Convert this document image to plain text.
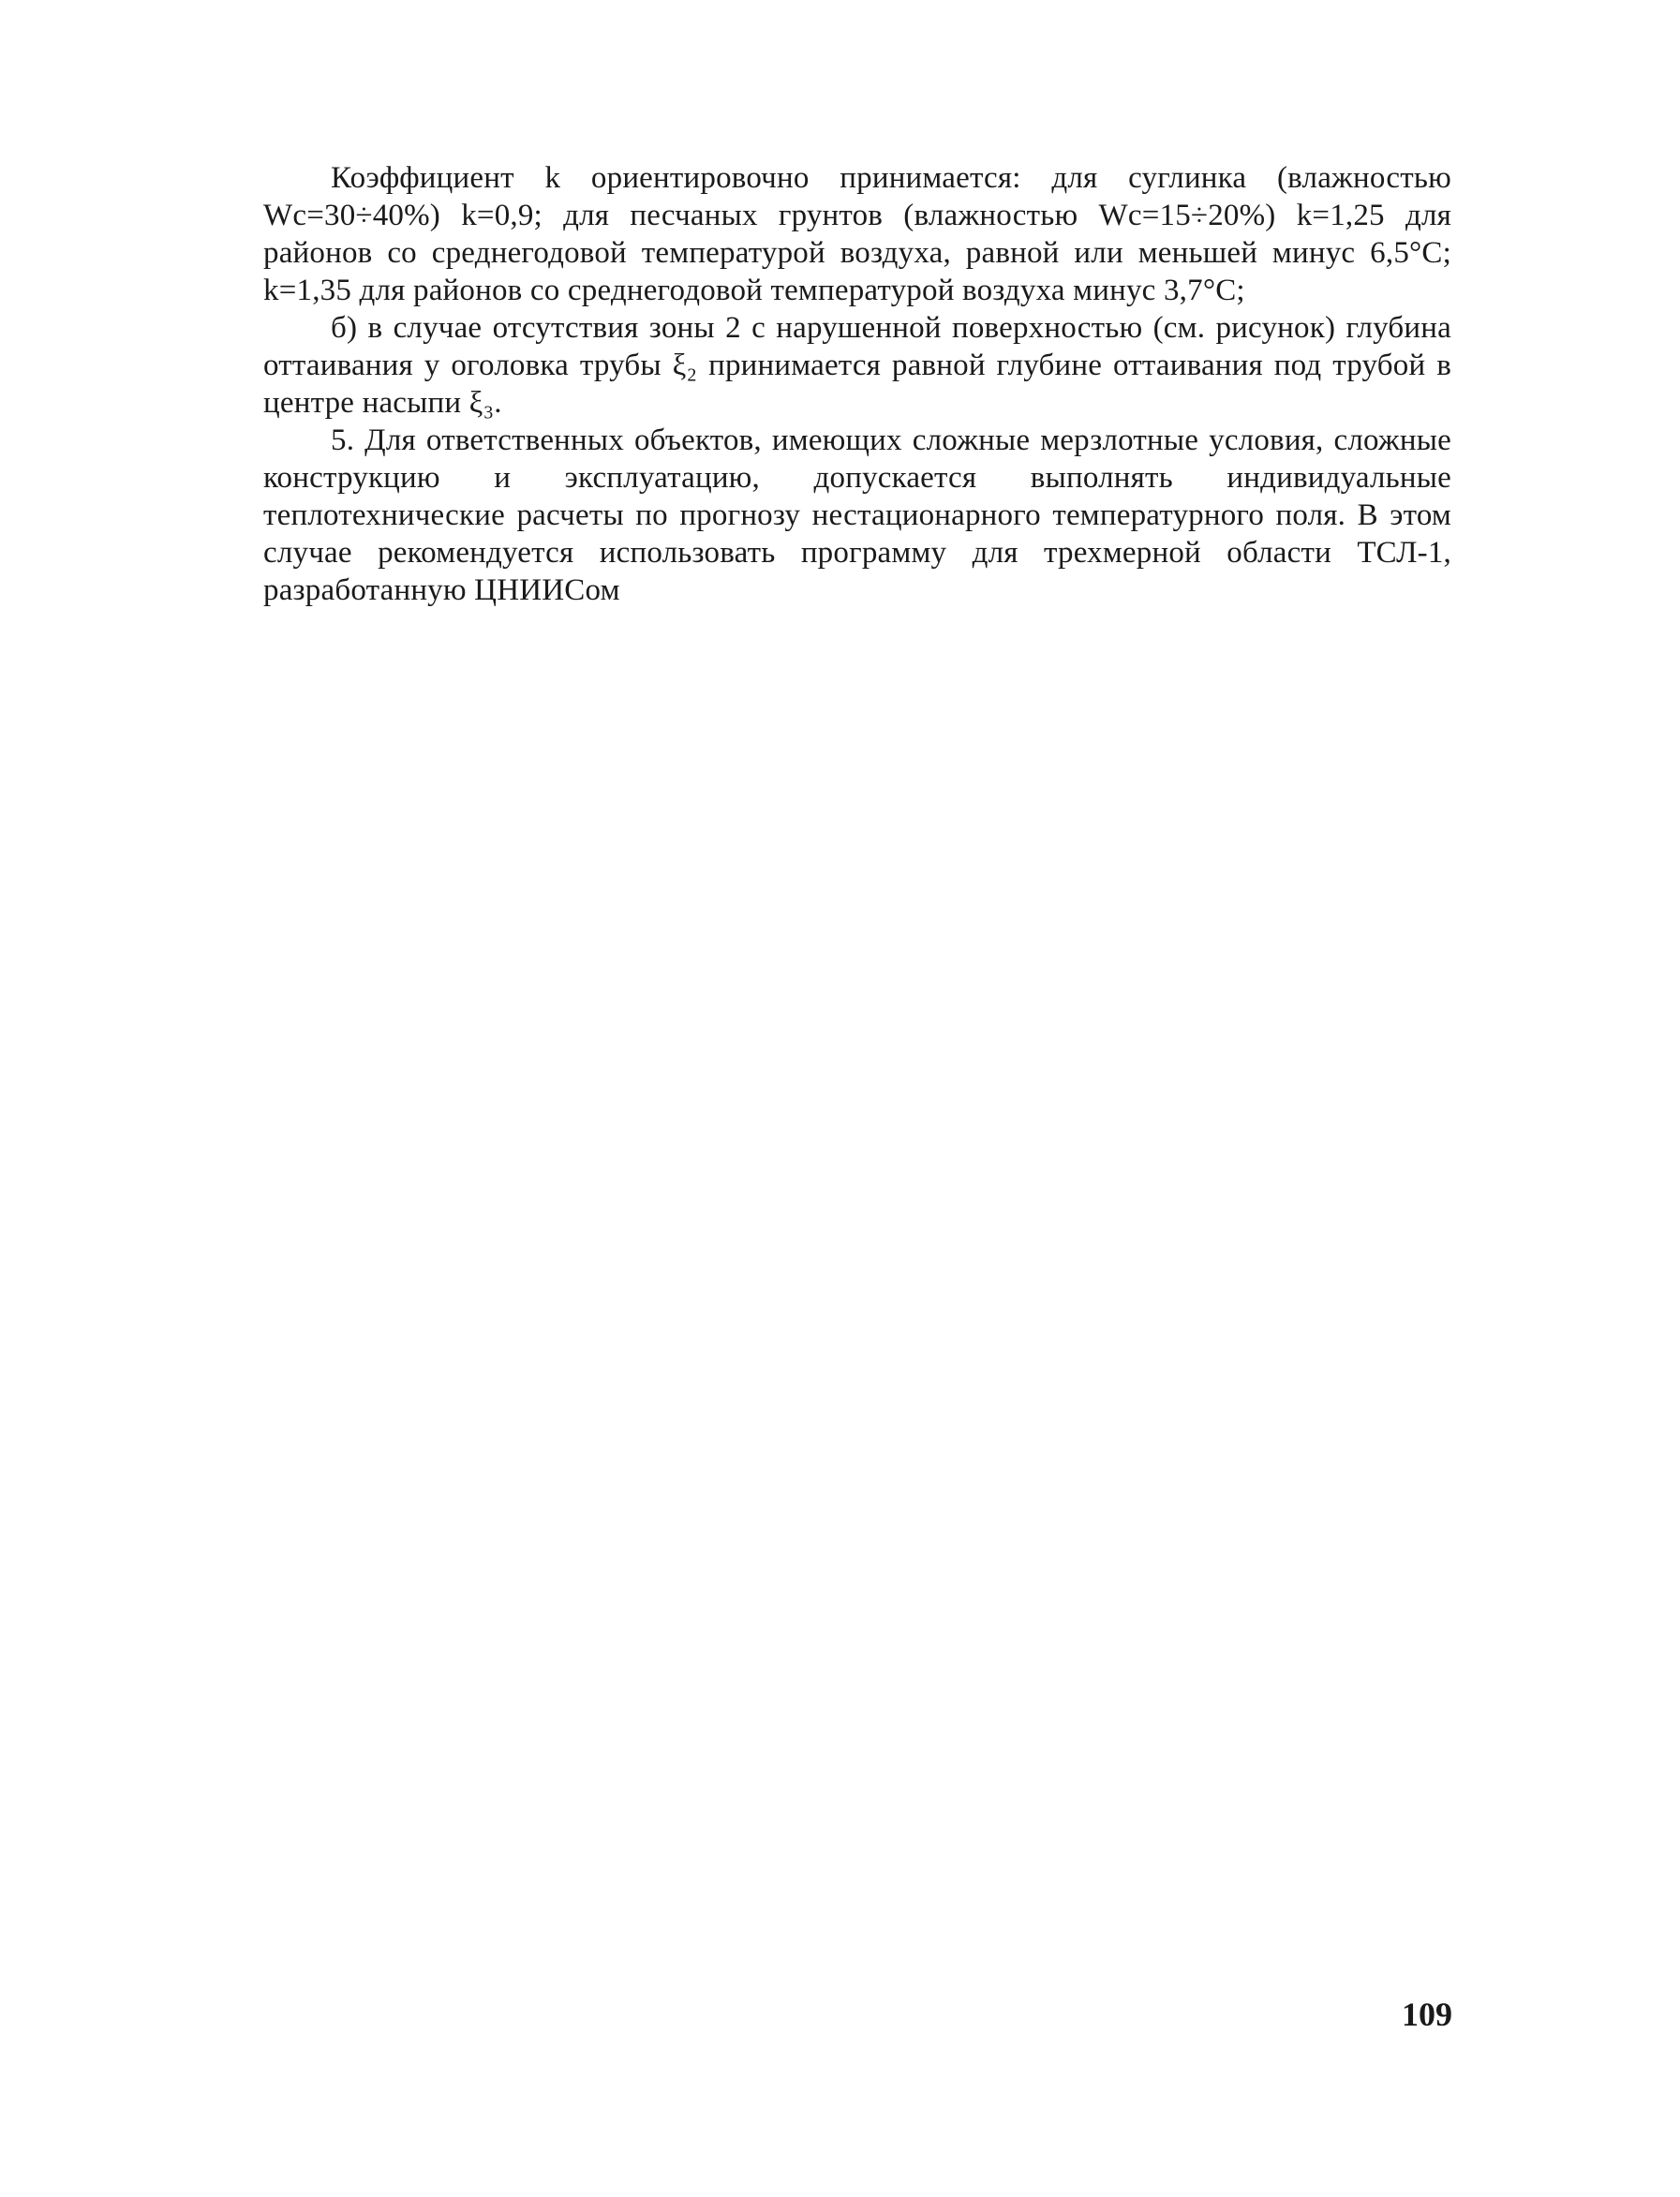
Коэффициент k ориентировочно принимается: для суглинка (влажностью Wc=30÷40%) k=0,9; для песчаных грунтов (влажностью Wc=15÷20%) k=1,25 для районов со среднегодовой температурой воздуха, равной или меньшей минус 6,5°C; k=1,35 для районов со среднегодовой температурой воздуха минус 3,7°C;

б) в случае отсутствия зоны 2 с нарушенной поверхностью (см. рисунок) глубина оттаивания у оголовка трубы ξ₂ принимается равной глубине оттаивания под трубой в центре насыпи ξ₃.

5. Для ответственных объектов, имеющих сложные мерзлотные условия, сложные конструкцию и эксплуатацию, допускается выполнять индивидуальные теплотехнические расчеты по прогнозу нестационарного температурного поля. В этом случае рекомендуется использовать программу для трехмерной области ТСЛ-1, разработанную ЦНИИСом

109
